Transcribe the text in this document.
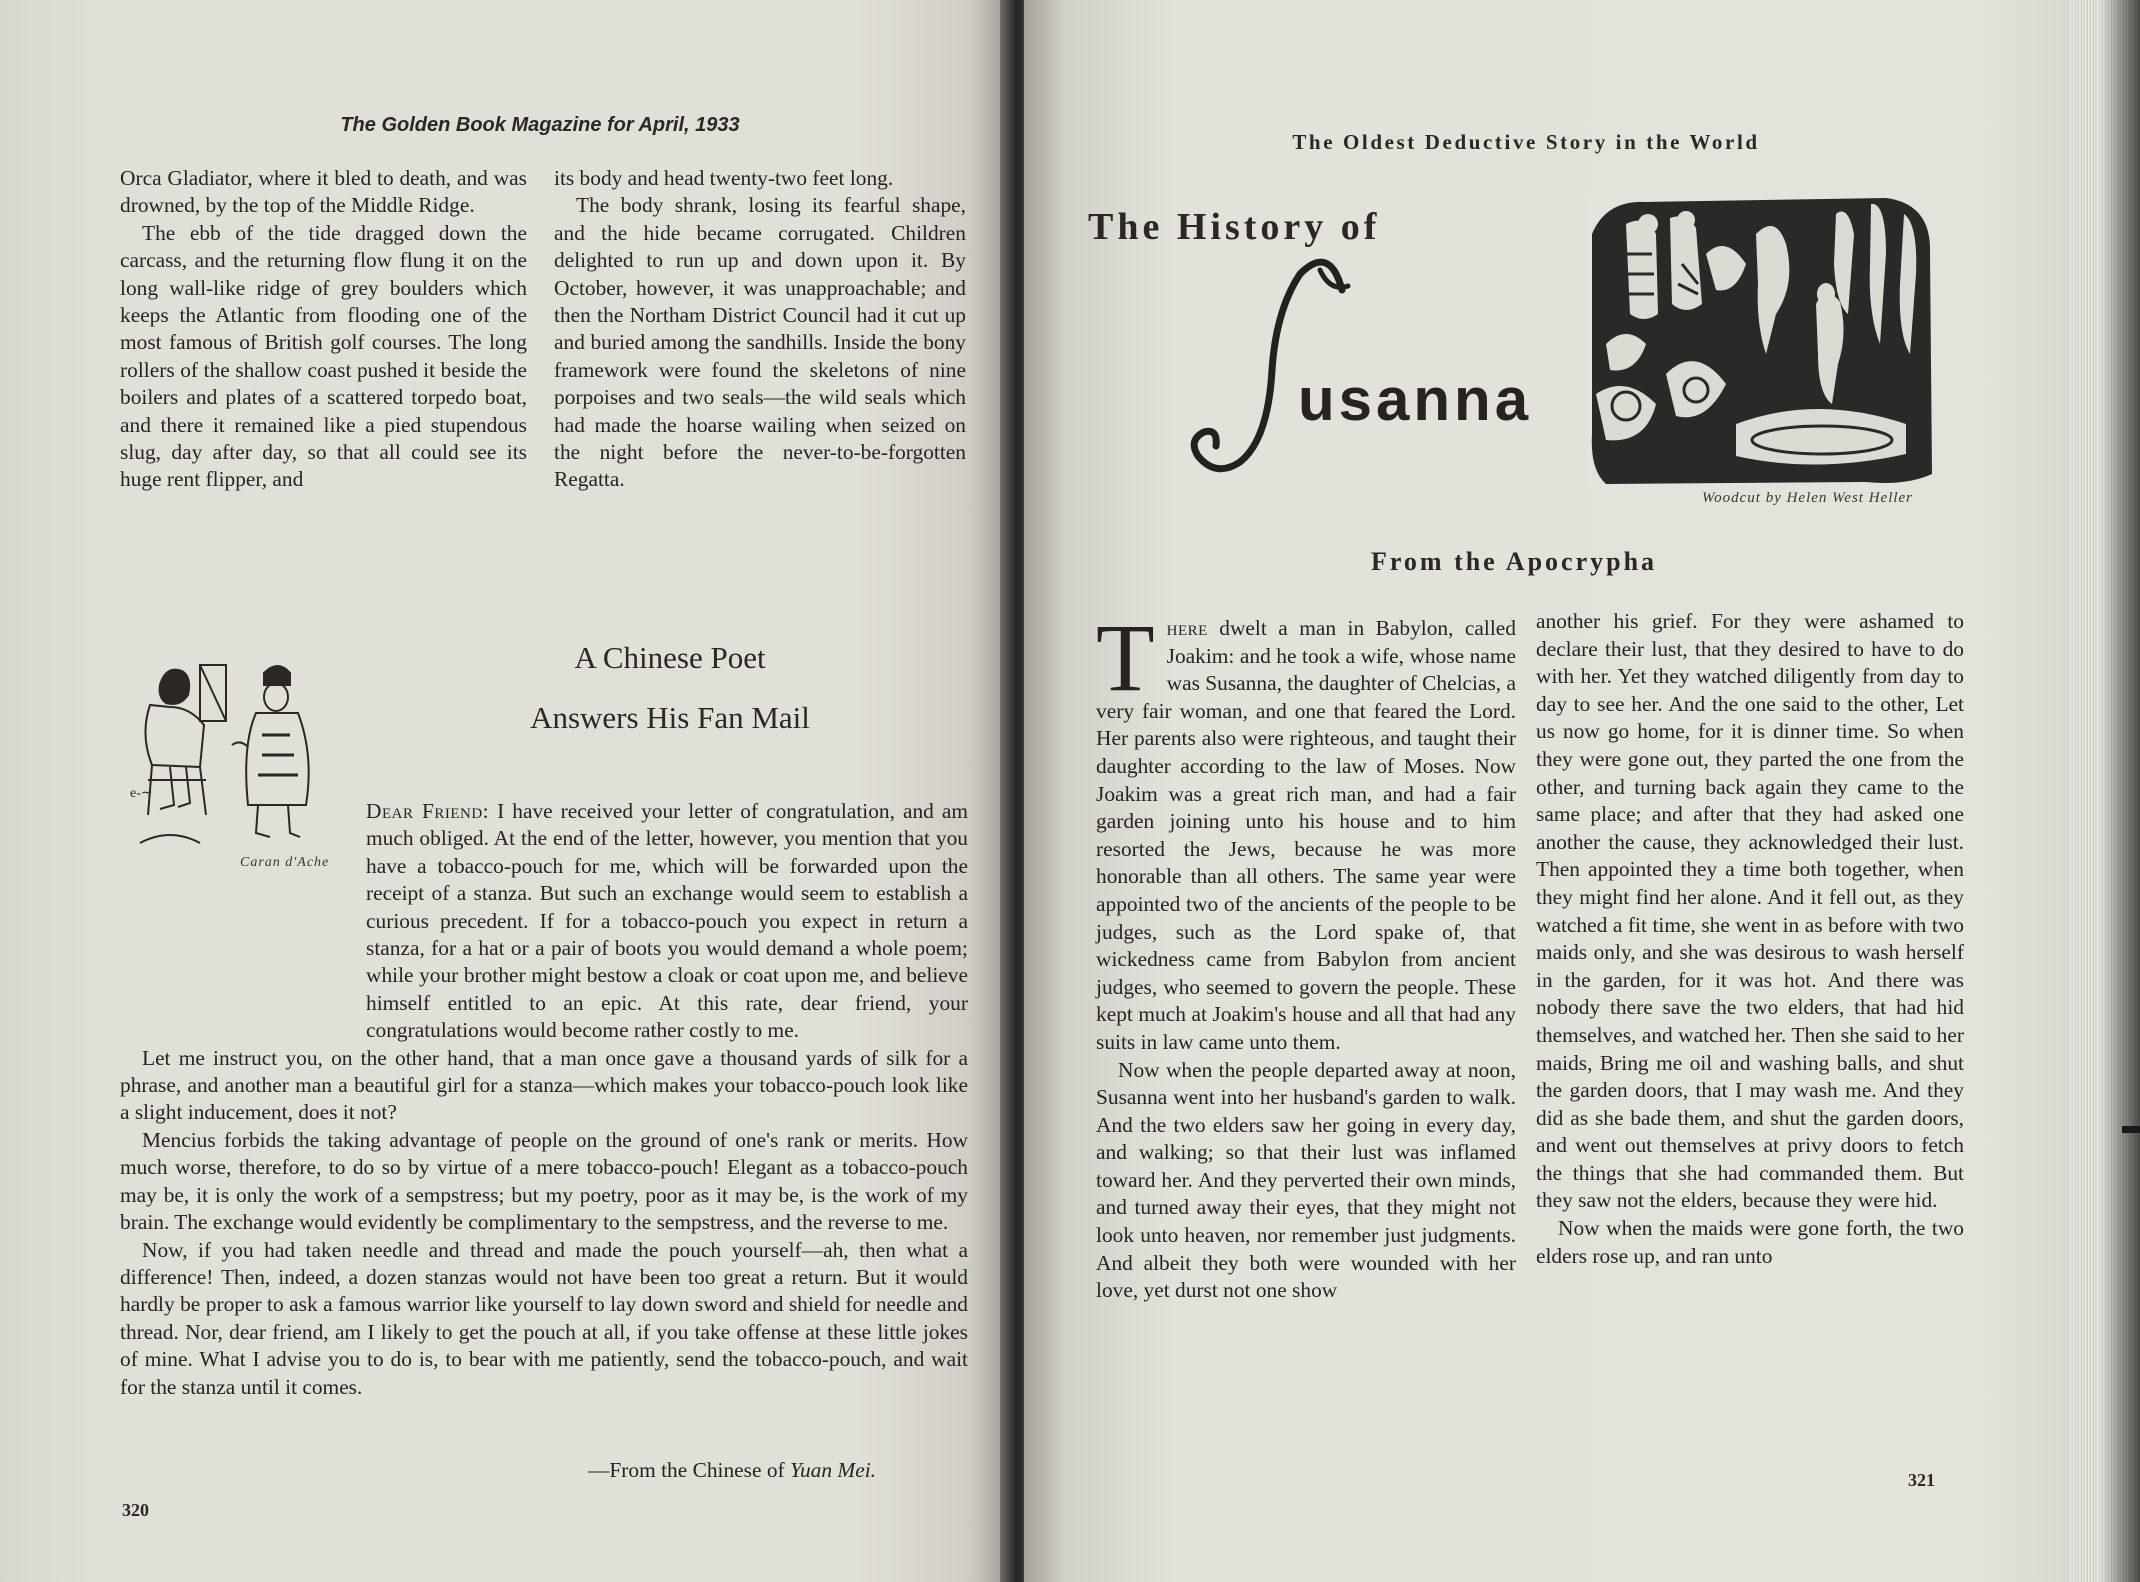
The Golden Book Magazine for April, 1933

Orca Gladiator, where it bled to death, and was drowned, by the top of the Middle Ridge.

The ebb of the tide dragged down the carcass, and the returning flow flung it on the long wall-like ridge of grey boulders which keeps the Atlantic from flooding one of the most famous of British golf courses. The long rollers of the shallow coast pushed it beside the boilers and plates of a scattered torpedo boat, and there it remained like a pied stupendous slug, day after day, so that all could see its huge rent flipper, and

its body and head twenty-two feet long.

The body shrank, losing its fearful shape, and the hide became corrugated. Children delighted to run up and down upon it. By October, however, it was unapproachable; and then the Northam District Council had it cut up and buried among the sandhills. Inside the bony framework were found the skeletons of nine porpoises and two seals—the wild seals which had made the hoarse wailing when seized on the night before the never-to-be-forgotten Regatta.

A Chinese Poet
Answers His Fan Mail
e-∼
Caran d'Ache

Dear Friend: I have received your letter of congratulation, and am much obliged. At the end of the letter, however, you mention that you have a tobacco-pouch for me, which will be forwarded upon the receipt of a stanza. But such an exchange would seem to establish a curious precedent. If for a tobacco-pouch you expect in return a stanza, for a hat or a pair of boots you would demand a whole poem; while your brother might bestow a cloak or coat upon me, and believe himself entitled to an epic. At this rate, dear friend, your congratulations would become rather costly to me.

Let me instruct you, on the other hand, that a man once gave a thousand yards of silk for a phrase, and another man a beautiful girl for a stanza—which makes your tobacco-pouch look like a slight inducement, does it not?

Mencius forbids the taking advantage of people on the ground of one's rank or merits. How much worse, therefore, to do so by virtue of a mere tobacco-pouch! Elegant as a tobacco-pouch may be, it is only the work of a sempstress; but my poetry, poor as it may be, is the work of my brain. The exchange would evidently be complimentary to the sempstress, and the reverse to me.

Now, if you had taken needle and thread and made the pouch yourself—ah, then what a difference! Then, indeed, a dozen stanzas would not have been too great a return. But it would hardly be proper to ask a famous warrior like yourself to lay down sword and shield for needle and thread. Nor, dear friend, am I likely to get the pouch at all, if you take offense at these little jokes of mine. What I advise you to do is, to bear with me patiently, send the tobacco-pouch, and wait for the stanza until it comes.

—From the Chinese of Yuan Mei.
320
The Oldest Deductive Story in the World
The History of
S
usanna
Woodcut by Helen West Heller
From the Apocrypha

There dwelt a man in Babylon, called Joakim: and he took a wife, whose name was Susanna, the daughter of Chelcias, a very fair woman, and one that feared the Lord. Her parents also were righteous, and taught their daughter according to the law of Moses. Now Joakim was a great rich man, and had a fair garden joining unto his house and to him resorted the Jews, because he was more honorable than all others. The same year were appointed two of the ancients of the people to be judges, such as the Lord spake of, that wickedness came from Babylon from ancient judges, who seemed to govern the people. These kept much at Joakim's house and all that had any suits in law came unto them.

Now when the people departed away at noon, Susanna went into her husband's garden to walk. And the two elders saw her going in every day, and walking; so that their lust was inflamed toward her. And they perverted their own minds, and turned away their eyes, that they might not look unto heaven, nor remember just judgments. And albeit they both were wounded with her love, yet durst not one show

another his grief. For they were ashamed to declare their lust, that they desired to have to do with her. Yet they watched diligently from day to day to see her. And the one said to the other, Let us now go home, for it is dinner time. So when they were gone out, they parted the one from the other, and turning back again they came to the same place; and after that they had asked one another the cause, they acknowledged their lust. Then appointed they a time both together, when they might find her alone. And it fell out, as they watched a fit time, she went in as before with two maids only, and she was desirous to wash herself in the garden, for it was hot. And there was nobody there save the two elders, that had hid themselves, and watched her. Then she said to her maids, Bring me oil and washing balls, and shut the garden doors, that I may wash me. And they did as she bade them, and shut the garden doors, and went out themselves at privy doors to fetch the things that she had commanded them. But they saw not the elders, because they were hid.

Now when the maids were gone forth, the two elders rose up, and ran unto

321
